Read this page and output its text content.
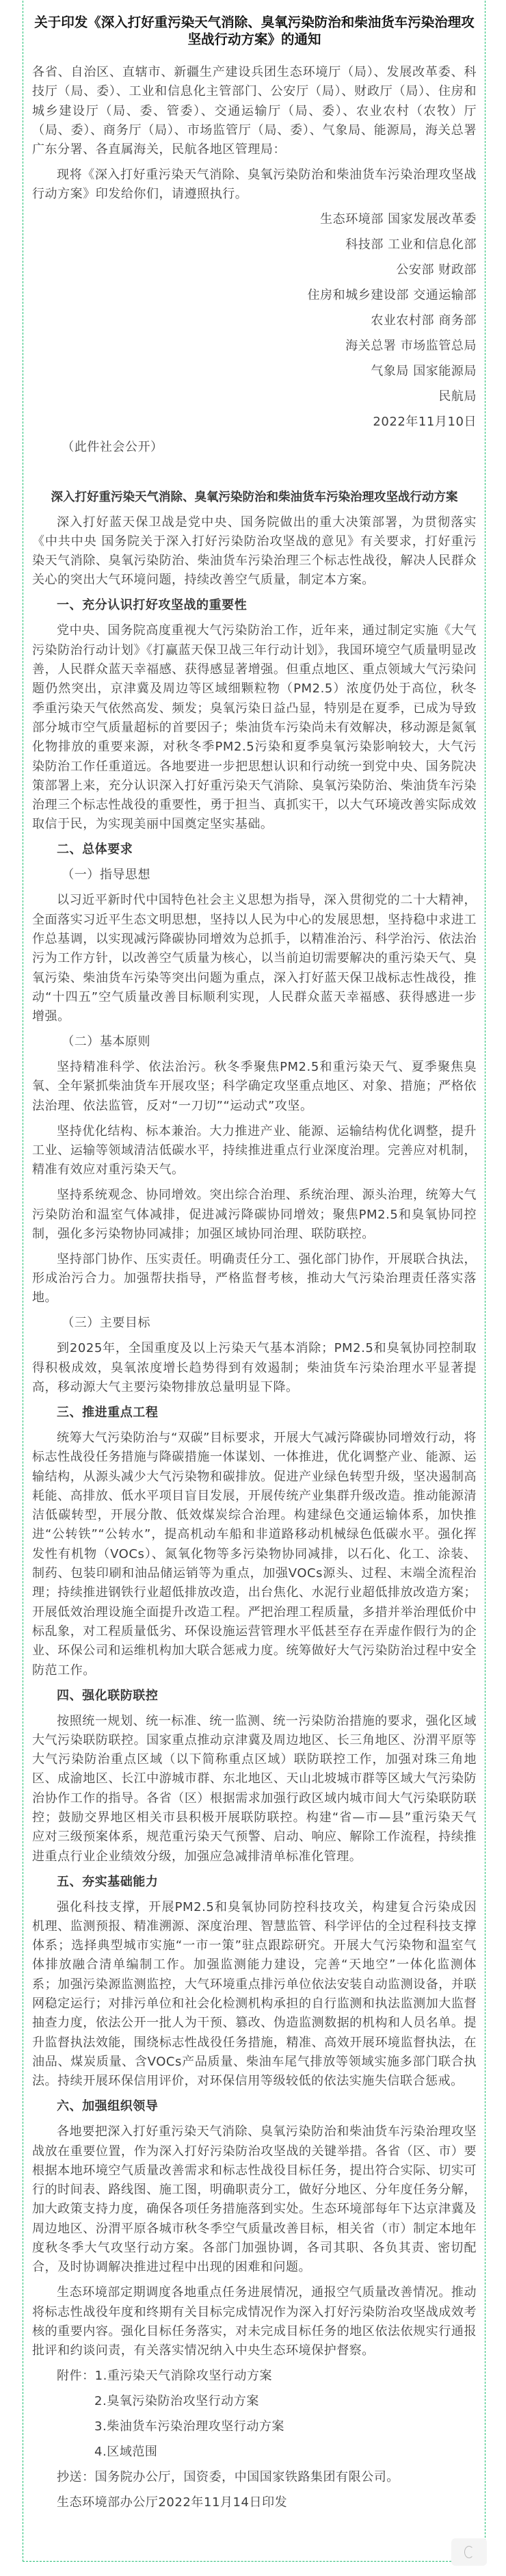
关于印发《深入打好重污染天气消除、臭氧污染防治和柴油货车污染治理攻坚战行动方案》的通知

各省、自治区、直辖市、新疆生产建设兵团生态环境厅（局）、发展改革委、科技厅（局、委）、工业和信息化主管部门、公安厅（局）、财政厅（局）、住房和城乡建设厅（局、委、管委）、交通运输厅（局、委）、农业农村（农牧）厅（局、委）、商务厅（局）、市场监管厅（局、委）、气象局、能源局，海关总署广东分署、各直属海关，民航各地区管理局：

现将《深入打好重污染天气消除、臭氧污染防治和柴油货车污染治理攻坚战行动方案》印发给你们，请遵照执行。

生态环境部 国家发展改革委

科技部 工业和信息化部

公安部 财政部

住房和城乡建设部 交通运输部

农业农村部 商务部

海关总署 市场监管总局

气象局 国家能源局

民航局

2022年11月10日

（此件社会公开）

深入打好重污染天气消除、臭氧污染防治和柴油货车污染治理攻坚战行动方案

深入打好蓝天保卫战是党中央、国务院做出的重大决策部署，为贯彻落实《中共中央 国务院关于深入打好污染防治攻坚战的意见》有关要求，打好重污染天气消除、臭氧污染防治、柴油货车污染治理三个标志性战役，解决人民群众关心的突出大气环境问题，持续改善空气质量，制定本方案。

一、充分认识打好攻坚战的重要性

党中央、国务院高度重视大气污染防治工作，近年来，通过制定实施《大气污染防治行动计划》《打赢蓝天保卫战三年行动计划》，我国环境空气质量明显改善，人民群众蓝天幸福感、获得感显著增强。但重点地区、重点领域大气污染问题仍然突出，京津冀及周边等区域细颗粒物（PM2.5）浓度仍处于高位，秋冬季重污染天气依然高发、频发；臭氧污染日益凸显，特别是在夏季，已成为导致部分城市空气质量超标的首要因子；柴油货车污染尚未有效解决，移动源是氮氧化物排放的重要来源，对秋冬季PM2.5污染和夏季臭氧污染影响较大，大气污染防治工作任重道远。各地要进一步把思想认识和行动统一到党中央、国务院决策部署上来，充分认识深入打好重污染天气消除、臭氧污染防治、柴油货车污染治理三个标志性战役的重要性，勇于担当、真抓实干，以大气环境改善实际成效取信于民，为实现美丽中国奠定坚实基础。

二、总体要求

（一）指导思想

以习近平新时代中国特色社会主义思想为指导，深入贯彻党的二十大精神，全面落实习近平生态文明思想，坚持以人民为中心的发展思想，坚持稳中求进工作总基调，以实现减污降碳协同增效为总抓手，以精准治污、科学治污、依法治污为工作方针，以改善空气质量为核心，以当前迫切需要解决的重污染天气、臭氧污染、柴油货车污染等突出问题为重点，深入打好蓝天保卫战标志性战役，推动“十四五”空气质量改善目标顺利实现，人民群众蓝天幸福感、获得感进一步增强。

（二）基本原则

坚持精准科学、依法治污。秋冬季聚焦PM2.5和重污染天气、夏季聚焦臭氧、全年紧抓柴油货车开展攻坚；科学确定攻坚重点地区、对象、措施；严格依法治理、依法监管，反对“一刀切”“运动式”攻坚。

坚持优化结构、标本兼治。大力推进产业、能源、运输结构优化调整，提升工业、运输等领域清洁低碳水平，持续推进重点行业深度治理。完善应对机制，精准有效应对重污染天气。

坚持系统观念、协同增效。突出综合治理、系统治理、源头治理，统筹大气污染防治和温室气体减排，促进减污降碳协同增效；聚焦PM2.5和臭氧协同控制，强化多污染物协同减排；加强区域协同治理、联防联控。

坚持部门协作、压实责任。明确责任分工、强化部门协作，开展联合执法，形成治污合力。加强帮扶指导，严格监督考核，推动大气污染治理责任落实落地。

（三）主要目标

到2025年，全国重度及以上污染天气基本消除；PM2.5和臭氧协同控制取得积极成效，臭氧浓度增长趋势得到有效遏制；柴油货车污染治理水平显著提高，移动源大气主要污染物排放总量明显下降。

三、推进重点工程

统筹大气污染防治与“双碳”目标要求，开展大气减污降碳协同增效行动，将标志性战役任务措施与降碳措施一体谋划、一体推进，优化调整产业、能源、运输结构，从源头减少大气污染物和碳排放。促进产业绿色转型升级，坚决遏制高耗能、高排放、低水平项目盲目发展，开展传统产业集群升级改造。推动能源清洁低碳转型，开展分散、低效煤炭综合治理。构建绿色交通运输体系，加快推进“公转铁”“公转水”，提高机动车船和非道路移动机械绿色低碳水平。强化挥发性有机物（VOCs）、氮氧化物等多污染物协同减排，以石化、化工、涂装、制药、包装印刷和油品储运销等为重点，加强VOCs源头、过程、末端全流程治理；持续推进钢铁行业超低排放改造，出台焦化、水泥行业超低排放改造方案；开展低效治理设施全面提升改造工程。严把治理工程质量，多措并举治理低价中标乱象，对工程质量低劣、环保设施运营管理水平低甚至存在弄虚作假行为的企业、环保公司和运维机构加大联合惩戒力度。统筹做好大气污染防治过程中安全防范工作。

四、强化联防联控

按照统一规划、统一标准、统一监测、统一污染防治措施的要求，强化区域大气污染联防联控。国家重点推动京津冀及周边地区、长三角地区、汾渭平原等大气污染防治重点区域（以下简称重点区域）联防联控工作，加强对珠三角地区、成渝地区、长江中游城市群、东北地区、天山北坡城市群等区域大气污染防治协作工作的指导。各省（区）根据需求加强行政区域内城市间大气污染联防联控；鼓励交界地区相关市县积极开展联防联控。构建“省—市—县”重污染天气应对三级预案体系，规范重污染天气预警、启动、响应、解除工作流程，持续推进重点行业企业绩效分级，加强应急减排清单标准化管理。

五、夯实基础能力

强化科技支撑，开展PM2.5和臭氧协同防控科技攻关，构建复合污染成因机理、监测预报、精准溯源、深度治理、智慧监管、科学评估的全过程科技支撑体系；选择典型城市实施“一市一策”驻点跟踪研究。开展大气污染物和温室气体排放融合清单编制工作。加强监测能力建设，完善“天地空”一体化监测体系；加强污染源监测监控，大气环境重点排污单位依法安装自动监测设备，并联网稳定运行；对排污单位和社会化检测机构承担的自行监测和执法监测加大监督抽查力度，依法公开一批人为干预、篡改、伪造监测数据的机构和人员名单。提升监督执法效能，围绕标志性战役任务措施，精准、高效开展环境监督执法，在油品、煤炭质量、含VOCs产品质量、柴油车尾气排放等领域实施多部门联合执法。持续开展环保信用评价，对环保信用等级较低的依法实施失信联合惩戒。

六、加强组织领导

各地要把深入打好重污染天气消除、臭氧污染防治和柴油货车污染治理攻坚战放在重要位置，作为深入打好污染防治攻坚战的关键举措。各省（区、市）要根据本地环境空气质量改善需求和标志性战役目标任务，提出符合实际、切实可行的时间表、路线图、施工图，明确职责分工，做好分地区、分年度任务分解，加大政策支持力度，确保各项任务措施落到实处。生态环境部每年下达京津冀及周边地区、汾渭平原各城市秋冬季空气质量改善目标，相关省（市）制定本地年度秋冬季大气攻坚行动方案。各部门加强协调，各司其职、各负其责、密切配合，及时协调解决推进过程中出现的困难和问题。

生态环境部定期调度各地重点任务进展情况，通报空气质量改善情况。推动将标志性战役年度和终期有关目标完成情况作为深入打好污染防治攻坚战成效考核的重要内容。强化目标任务落实，对未完成目标任务的地区依法依规实行通报批评和约谈问责，有关落实情况纳入中央生态环境保护督察。

附件：1.重污染天气消除攻坚行动方案

2.臭氧污染防治攻坚行动方案

3.柴油货车污染治理攻坚行动方案

4.区域范围

抄送：国务院办公厅，国资委，中国国家铁路集团有限公司。

生态环境部办公厅2022年11月14日印发
